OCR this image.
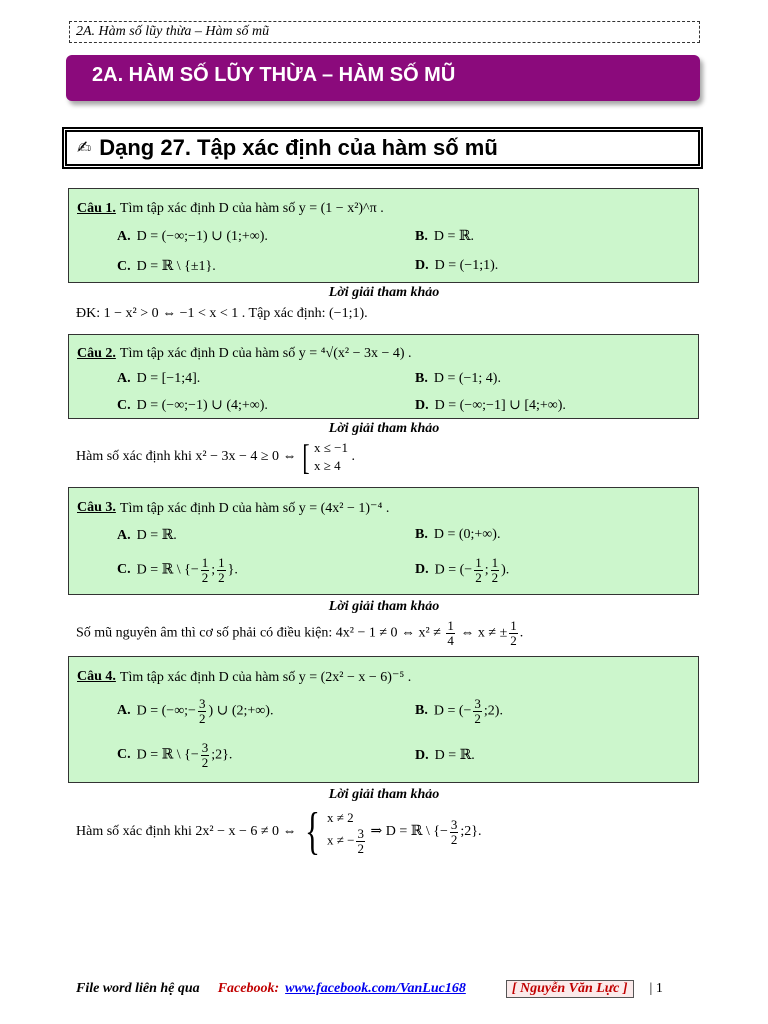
2A. Hàm số lũy thừa – Hàm số mũ
2A. HÀM SỐ LŨY THỪA – HÀM SỐ MŨ
✍ Dạng 27. Tập xác định của hàm số mũ
Câu 1. Tìm tập xác định D của hàm số y = (1 − x²)^π .
A. D = (−∞;−1) ∪ (1;+∞).	B. D = ℝ.
C. D = ℝ \ {±1}.	D. D = (−1;1).
Lời giải tham khảo
ĐK: 1 − x² > 0 ⇔ −1 < x < 1 . Tập xác định: (−1;1).
Câu 2. Tìm tập xác định D của hàm số y = ⁴√(x² − 3x − 4) .
A. D = [−1;4].	B. D = (−1; 4).
C. D = (−∞;−1) ∪ (4;+∞).	D. D = (−∞;−1] ∪ [4;+∞).
Lời giải tham khảo
Hàm số xác định khi x² − 3x − 4 ≥ 0 ⇔ [ x ≤ −1
x ≥ 4
.
Câu 3. Tìm tập xác định D của hàm số y = (4x² − 1)⁻⁴ .
A. D = ℝ.	B. D = (0;+∞).
C. D = ℝ \ {− $\frac{1}{2}$ ; $\frac{1}{2}$ }.	D. D = (− $\frac{1}{2}$ ; $\frac{1}{2}$ ).
Lời giải tham khảo
Số mũ nguyên âm thì cơ số phải có điều kiện: 4x² − 1 ≠ 0 ⇔ $x^2 \ne \frac{1}{4}$ ⇔ x ≠ ± $\frac{1}{2}$ .
Câu 4. Tìm tập xác định D của hàm số y = (2x² − x − 6)⁻⁵ .
A. D = (−∞;− $\frac{3}{2}$ ) ∪ (2;+∞).	B. D = (− $\frac{3}{2}$ ;2).
C. D = ℝ \ {− $\frac{3}{2}$ ;2}.	D. D = ℝ.
Lời giải tham khảo
Hàm số xác định khi 2x² − x − 6 ≠ 0 ⇔ { x ≠ 2
x ≠ − $\frac{3}{2}$ ⇒ D = ℝ \ {− $\frac{3}{2}$ ;2}.
File word liên hệ qua Facebook: www.facebook.com/VanLuc168	[ Nguyễn Văn Lực ]	| 1
